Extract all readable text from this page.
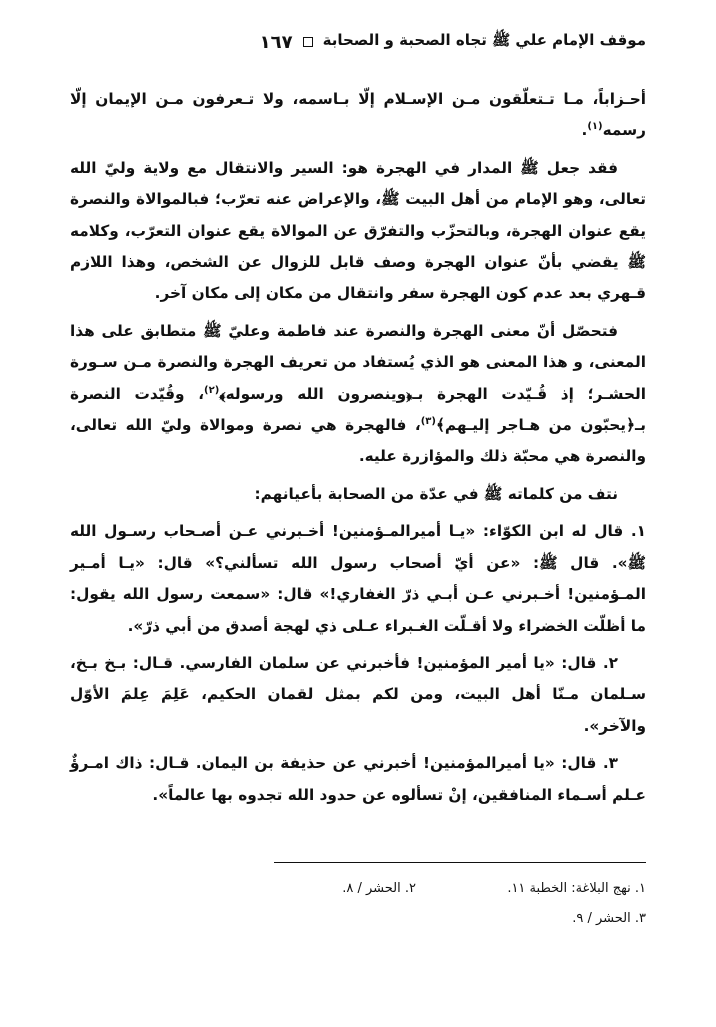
موقف الإمام علي ﷺ تجاه الصحبة و الصحابة
١٦٧

أحـزاباً، مـا تـتعلّقون مـن الإسـلام إلّا بـاسمه، ولا تـعرفون مـن الإيمان إلّا رسمه$^{(١)}$.

فقد جعل ﷺ المدار في الهجرة هو: السير والانتقال مع ولاية وليّ الله تعالى، وهو الإمام من أهل البيت ﷺ، والإعراض عنه تعرّب؛ فبالموالاة والنصرة يقع عنوان الهجرة، وبالتحزّب والتفرّق عن الموالاة يقع عنوان التعرّب، وكلامه ﷺ يقضي بأنّ عنوان الهجرة وصف قابل للزوال عن الشخص، وهذا اللازم قـهري بعد عدم كون الهجرة سفر وانتقال من مكان إلى مكان آخر.

فتحصّل أنّ معنى الهجرة والنصرة عند فاطمة وعليّ ﷺ متطابق على هذا المعنى، و هذا المعنى هو الذي يُستفاد من تعريف الهجرة والنصرة مـن سـورة الحشـر؛ إذ قُـيّدت الهجرة بـ﴿وينصرون الله ورسوله﴾$^{(٢)}$، وقُيّدت النصرة بـ﴿يحبّون من هـاجر إليـهم﴾$^{(٣)}$، فالهجرة هي نصرة وموالاة وليّ الله تعالى، والنصرة هي محبّة ذلك والمؤازرة عليه.

نتف من كلماته ﷺ في عدّة من الصحابة بأعيانهم:

١. قال له ابن الكوّاء: «يـا أميرالمـؤمنين! أخـبرني عـن أصـحاب رسـول الله ﷺ». قال ﷺ: «عن أيّ أصحاب رسول الله تسألني؟» قال: «يـا أمـير المـؤمنين! أخـبرني عـن أبـي ذرّ الغفاري!» قال: «سمعت رسول الله يقول: ما أظلّت الخضراء ولا أقـلّت الغـبراء عـلى ذي لهجة أصدق من أبي ذرّ».

٢. قال: «يا أمير المؤمنين! فأخبرني عن سلمان الفارسي. قـال: بـخ بـخ، سـلمان مـنّا أهل البيت، ومن لكم بمثل لقمان الحكيم، عَلِمَ عِلمَ الأوّل والآخر».

٣. قال: «يا أميرالمؤمنين! أخبرني عن حذيفة بن اليمان. قـال: ذاك امـرؤٌ عـلم أسـماء المنافقين، إنْ تسألوه عن حدود الله تجدوه بها عالماً».

١. نهج البلاغة: الخطبة ١١.
٢. الحشر / ٨.
٣. الحشر / ٩.
